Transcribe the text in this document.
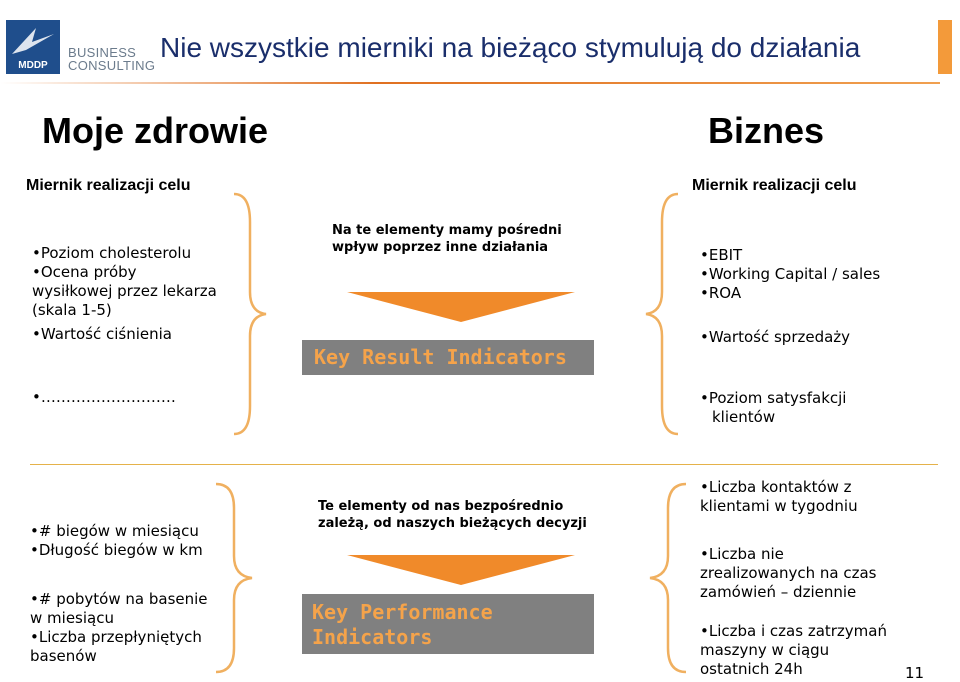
MDDP
BUSINESS
CONSULTING
Nie wszystkie mierniki na bieżąco stymulują do działania
Moje zdrowie
Miernik realizacji celu
Biznes
Miernik realizacji celu
•Poziom cholesterolu
•Ocena próby
wysiłkowej przez lekarza
(skala 1-5)
•Wartość ciśnienia
•………………………
Na te elementy mamy pośredni
wpływ poprzez inne działania
Key Result Indicators
•EBIT
•Working Capital / sales
•ROA
•Wartość sprzedaży
•Poziom satysfakcji
klientów
•# biegów w miesiącu
•Długość biegów w km
•# pobytów na basenie
w miesiącu
•Liczba przepłyniętych
basenów
Te elementy od nas bezpośrednio
zależą, od naszych bieżących decyzji
Key Performance
Indicators
•Liczba kontaktów z
klientami w tygodniu
•Liczba nie
zrealizowanych na czas
zamówień – dziennie
•Liczba i czas zatrzymań
maszyny w ciągu
ostatnich 24h	11
